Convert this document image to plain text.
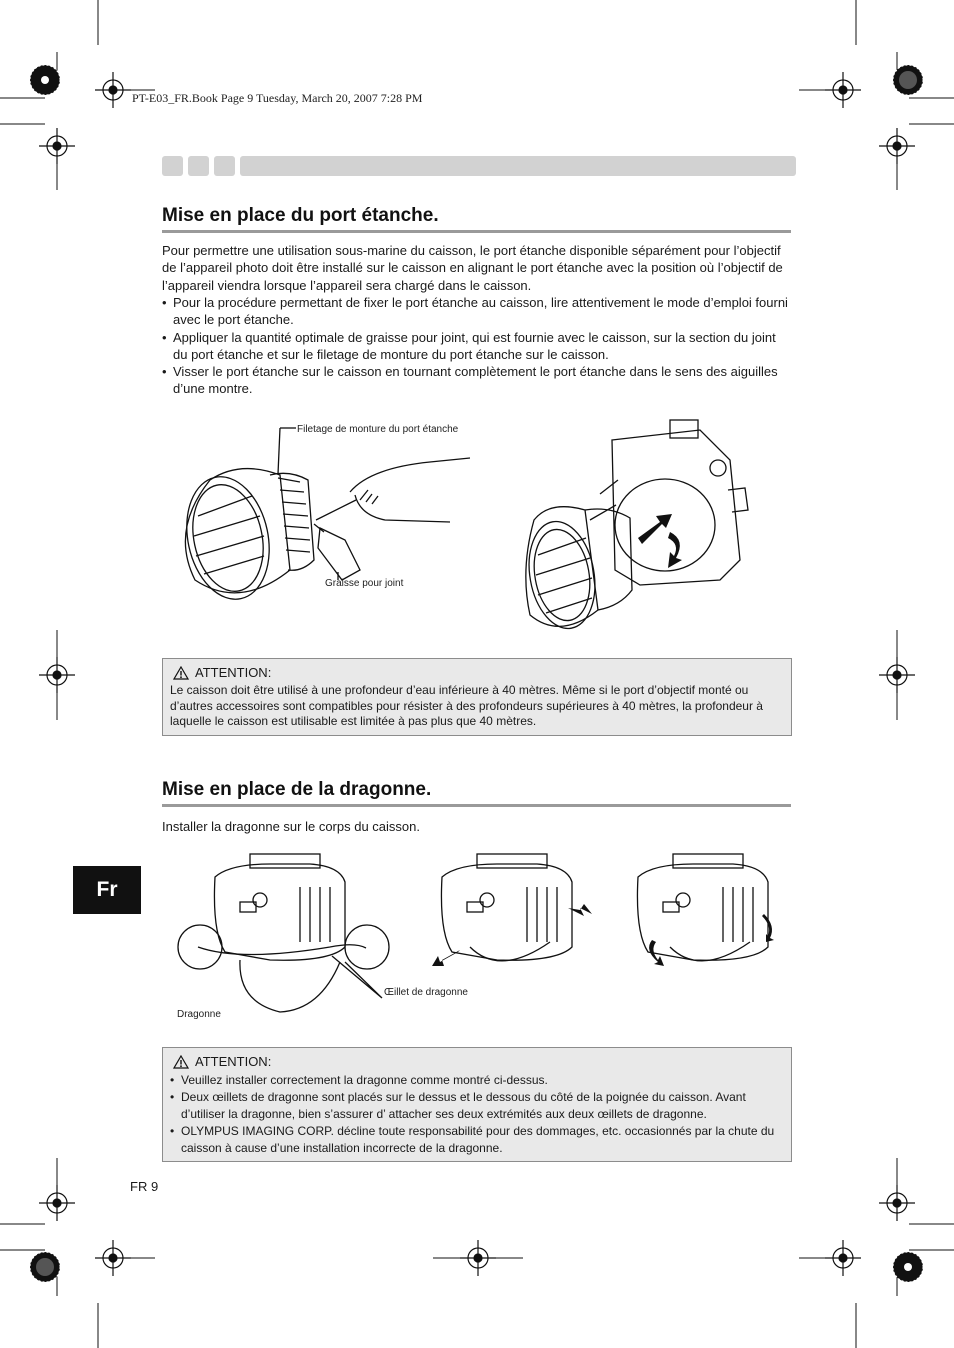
PT-E03_FR.Book Page 9 Tuesday, March 20, 2007 7:28 PM
Mise en place du port étanche.
Pour permettre une utilisation sous-marine du caisson, le port étanche disponible séparément pour l’objectif de l’appareil photo doit être installé sur le caisson en alignant le port étanche avec la position où l’objectif de l’appareil viendra lorsque l’appareil sera chargé dans le caisson.
• Pour la procédure permettant de fixer le port étanche au caisson, lire attentivement le mode d’emploi fourni avec le port étanche.
• Appliquer la quantité optimale de graisse pour joint, qui est fournie avec le caisson, sur la section du joint du port étanche et sur le filetage de monture du port étanche sur le caisson.
• Visser le port étanche sur le caisson en tournant complètement le port étanche dans le sens des aiguilles d’une montre.
Filetage de monture du port étanche
Graisse pour joint
ATTENTION:
Le caisson doit être utilisé à une profondeur d’eau inférieure à 40 mètres. Même si le port d’objectif monté ou d’autres accessoires sont compatibles pour résister à des profondeurs supérieures à 40 mètres, la profondeur à laquelle le caisson est utilisable est limitée à pas plus que 40 mètres.
Mise en place de la dragonne.
Installer la dragonne sur le corps du caisson.
Œillet de dragonne
Dragonne
ATTENTION:
• Veuillez installer correctement la dragonne comme montré ci-dessus.
• Deux œillets de dragonne sont placés sur le dessus et le dessous du côté de la poignée du caisson. Avant d’utiliser la dragonne, bien s’assurer d’ attacher ses deux extrémités aux deux œillets de dragonne.
• OLYMPUS IMAGING CORP. décline toute responsabilité pour des dommages, etc. occasionnés par la chute du caisson à cause d’une installation incorrecte de la dragonne.
Fr
FR 9
